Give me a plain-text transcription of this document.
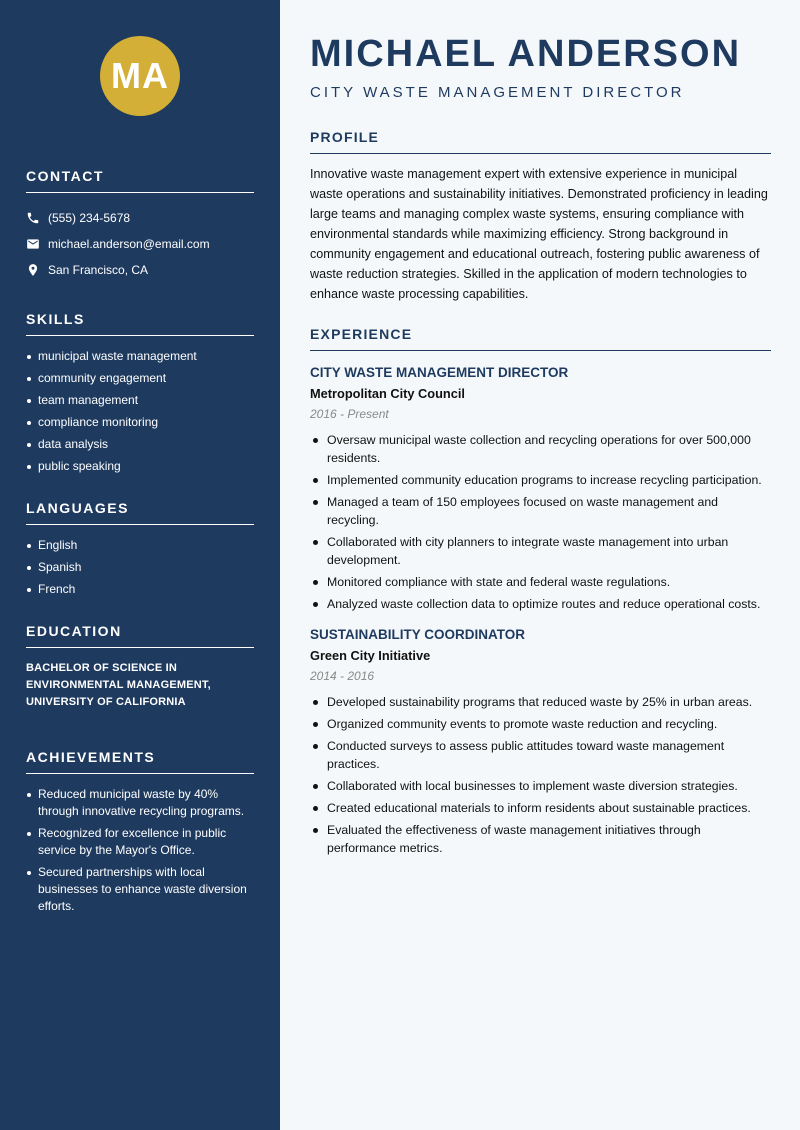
MA
CONTACT
(555) 234-5678
michael.anderson@email.com
San Francisco, CA
SKILLS
municipal waste management
community engagement
team management
compliance monitoring
data analysis
public speaking
LANGUAGES
English
Spanish
French
EDUCATION
BACHELOR OF SCIENCE IN ENVIRONMENTAL MANAGEMENT, UNIVERSITY OF CALIFORNIA
ACHIEVEMENTS
Reduced municipal waste by 40% through innovative recycling programs.
Recognized for excellence in public service by the Mayor's Office.
Secured partnerships with local businesses to enhance waste diversion efforts.
MICHAEL ANDERSON
CITY WASTE MANAGEMENT DIRECTOR
PROFILE

Innovative waste management expert with extensive experience in municipal waste operations and sustainability initiatives. Demonstrated proficiency in leading large teams and managing complex waste systems, ensuring compliance with environmental standards while maximizing efficiency. Strong background in community engagement and educational outreach, fostering public awareness of waste reduction strategies. Skilled in the application of modern technologies to enhance waste processing capabilities.

EXPERIENCE
CITY WASTE MANAGEMENT DIRECTOR
Metropolitan City Council
2016 - Present
Oversaw municipal waste collection and recycling operations for over 500,000 residents.
Implemented community education programs to increase recycling participation.
Managed a team of 150 employees focused on waste management and recycling.
Collaborated with city planners to integrate waste management into urban development.
Monitored compliance with state and federal waste regulations.
Analyzed waste collection data to optimize routes and reduce operational costs.
SUSTAINABILITY COORDINATOR
Green City Initiative
2014 - 2016
Developed sustainability programs that reduced waste by 25% in urban areas.
Organized community events to promote waste reduction and recycling.
Conducted surveys to assess public attitudes toward waste management practices.
Collaborated with local businesses to implement waste diversion strategies.
Created educational materials to inform residents about sustainable practices.
Evaluated the effectiveness of waste management initiatives through performance metrics.
